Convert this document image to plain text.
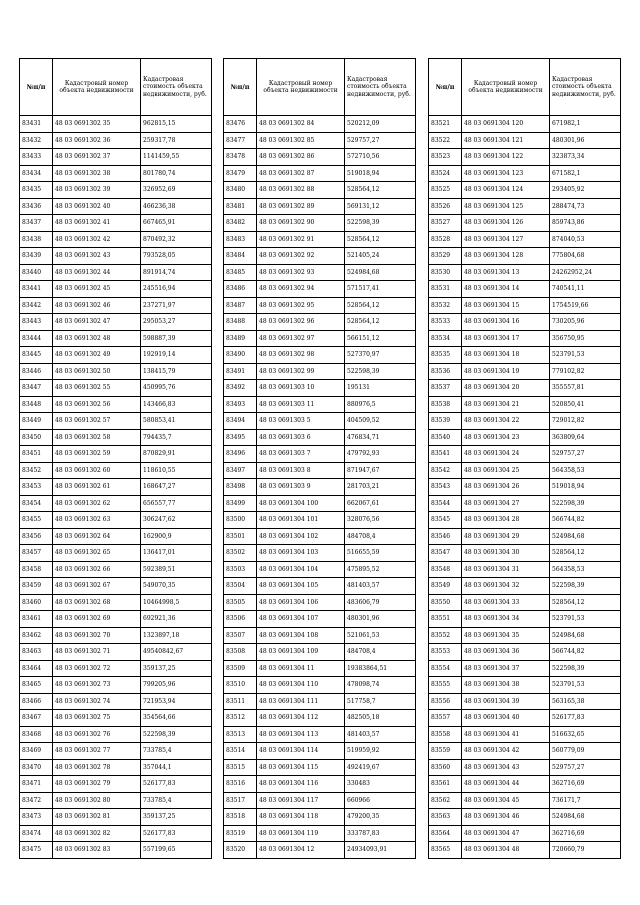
№п/п	Кадастровый номер объекта недвижимости	Кадастровая стоимость объекта недвижимости, руб.
83431	48 03 0691302 35	962815,15
83432	48 03 0691302 36	259317,78
83433	48 03 0691302 37	1141459,55
83434	48 03 0691302 38	801780,74
83435	48 03 0691302 39	326952,69
83436	48 03 0691302 40	466236,38
83437	48 03 0691302 41	667465,91
83438	48 03 0691302 42	870492,32
83439	48 03 0691302 43	793528,05
83440	48 03 0691302 44	891914,74
83441	48 03 0691302 45	245516,94
83442	48 03 0691302 46	237271,97
83443	48 03 0691302 47	295053,27
83444	48 03 0691302 48	598887,39
83445	48 03 0691302 49	192919,14
83446	48 03 0691302 50	138415,79
83447	48 03 0691302 55	450995,76
83448	48 03 0691302 56	143466,83
83449	48 03 0691302 57	580853,41
83450	48 03 0691302 58	794435,7
83451	48 03 0691302 59	870829,91
83452	48 03 0691302 60	118610,55
83453	48 03 0691302 61	168647,27
83454	48 03 0691302 62	656557,77
83455	48 03 0691302 63	306247,62
83456	48 03 0691302 64	162900,9
83457	48 03 0691302 65	136417,01
83458	48 03 0691302 66	592389,51
83459	48 03 0691302 67	549070,35
83460	48 03 0691302 68	10464998,5
83461	48 03 0691302 69	692921,36
83462	48 03 0691302 70	1323897,18
83463	48 03 0691302 71	49540842,67
83464	48 03 0691302 72	359137,25
83465	48 03 0691302 73	799205,96
83466	48 03 0691302 74	721953,94
83467	48 03 0691302 75	354564,66
83468	48 03 0691302 76	522598,39
83469	48 03 0691302 77	733785,4
83470	48 03 0691302 78	357044,1
83471	48 03 0691302 79	526177,83
83472	48 03 0691302 80	733785,4
83473	48 03 0691302 81	359137,25
83474	48 03 0691302 82	526177,83
83475	48 03 0691302 83	557199,65
№п/п	Кадастровый номер объекта недвижимости	Кадастровая стоимость объекта недвижимости, руб.
83476	48 03 0691302 84	520212,09
83477	48 03 0691302 85	529757,27
83478	48 03 0691302 86	572710,56
83479	48 03 0691302 87	519018,94
83480	48 03 0691302 88	528564,12
83481	48 03 0691302 89	569131,12
83482	48 03 0691302 90	522598,39
83483	48 03 0691302 91	528564,12
83484	48 03 0691302 92	521405,24
83485	48 03 0691302 93	524984,68
83486	48 03 0691302 94	571517,41
83487	48 03 0691302 95	528564,12
83488	48 03 0691302 96	528564,12
83489	48 03 0691302 97	566151,12
83490	48 03 0691302 98	527370,97
83491	48 03 0691302 99	522598,39
83492	48 03 0691303 10	195131
83493	48 03 0691303 11	880976,5
83494	48 03 0691303 5	404509,52
83495	48 03 0691303 6	476834,71
83496	48 03 0691303 7	479792,93
83497	48 03 0691303 8	871947,67
83498	48 03 0691303 9	281703,21
83499	48 03 0691304 100	662067,61
83500	48 03 0691304 101	328076,56
83501	48 03 0691304 102	484708,4
83502	48 03 0691304 103	516655,59
83503	48 03 0691304 104	475895,52
83504	48 03 0691304 105	481403,57
83505	48 03 0691304 106	483606,79
83506	48 03 0691304 107	480301,96
83507	48 03 0691304 108	521061,53
83508	48 03 0691304 109	484708,4
83509	48 03 0691304 11	19383864,51
83510	48 03 0691304 110	478098,74
83511	48 03 0691304 111	517758,7
83512	48 03 0691304 112	482505,18
83513	48 03 0691304 113	481403,57
83514	48 03 0691304 114	519959,92
83515	48 03 0691304 115	492419,67
83516	48 03 0691304 116	330483
83517	48 03 0691304 117	660966
83518	48 03 0691304 118	479200,35
83519	48 03 0691304 119	333787,83
83520	48 03 0691304 12	24934093,91
№п/п	Кадастровый номер объекта недвижимости	Кадастровая стоимость объекта недвижимости, руб.
83521	48 03 0691304 120	671982,1
83522	48 03 0691304 121	480301,96
83523	48 03 0691304 122	323873,34
83524	48 03 0691304 123	671582,1
83525	48 03 0691304 124	293405,92
83526	48 03 0691304 125	288474,73
83527	48 03 0691304 126	859743,86
83528	48 03 0691304 127	874040,53
83529	48 03 0691304 128	775804,68
83530	48 03 0691304 13	24262952,24
83531	48 03 0691304 14	740541,11
83532	48 03 0691304 15	1754519,66
83533	48 03 0691304 16	730205,96
83534	48 03 0691304 17	356750,95
83535	48 03 0691304 18	523791,53
83536	48 03 0691304 19	779102,82
83537	48 03 0691304 20	355557,81
83538	48 03 0691304 21	520850,41
83539	48 03 0691304 22	729012,82
83540	48 03 0691304 23	363809,64
83541	48 03 0691304 24	529757,27
83542	48 03 0691304 25	564358,53
83543	48 03 0691304 26	519018,94
83544	48 03 0691304 27	522598,39
83545	48 03 0691304 28	566744,82
83546	48 03 0691304 29	524984,68
83547	48 03 0691304 30	528564,12
83548	48 03 0691304 31	564358,53
83549	48 03 0691304 32	522598,39
83550	48 03 0691304 33	528564,12
83551	48 03 0691304 34	523791,53
83552	48 03 0691304 35	524984,68
83553	48 03 0691304 36	566744,82
83554	48 03 0691304 37	522598,39
83555	48 03 0691304 38	523791,53
83556	48 03 0691304 39	563165,38
83557	48 03 0691304 40	526177,83
83558	48 03 0691304 41	516632,65
83559	48 03 0691304 42	560779,09
83560	48 03 0691304 43	529757,27
83561	48 03 0691304 44	362716,69
83562	48 03 0691304 45	736171,7
83563	48 03 0691304 46	524984,68
83564	48 03 0691304 47	362716,69
83565	48 03 0691304 48	720660,79
